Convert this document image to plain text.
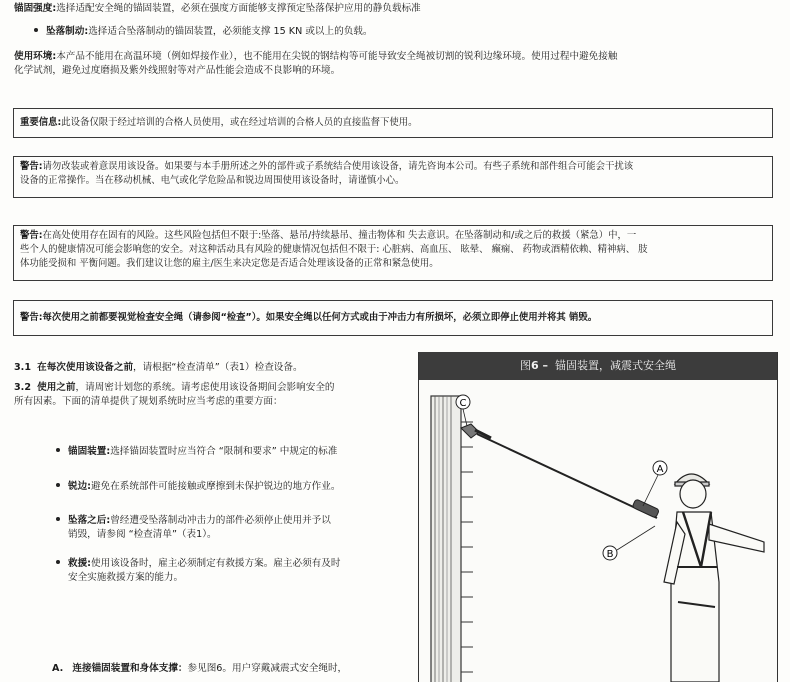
锚固强度:选择适配安全绳的锚固装置，必须在强度方面能够支撑预定坠落保护应用的静负载标准
坠落制动:选择适合坠落制动的锚固装置，必须能支撑 15 KN 或以上的负载。
使用环境:本产品不能用在高温环境（例如焊接作业），也不能用在尖锐的钢结构等可能导致安全绳被切割的锐利边缘环境。使用过程中避免接触
化学试剂，避免过度磨损及紫外线照射等对产品性能会造成不良影响的环境。
重要信息:此设备仅限于经过培训的合格人员使用，或在经过培训的合格人员的直接监督下使用。
警告:请勿改装或着意误用该设备。如果要与本手册所述之外的部件或子系统结合使用该设备，请先咨询本公司。有些子系统和部件组合可能会干扰该
设备的正常操作。当在移动机械、电气或化学危险品和锐边周围使用该设备时，请谨慎小心。
警告:在高处使用存在固有的风险。这些风险包括但不限于:坠落、悬吊/持续悬吊、撞击物体和 失去意识。在坠落制动和/或之后的救援（紧急）中，一
些个人的健康情况可能会影响您的安全。对这种活动具有风险的健康情况包括但不限于: 心脏病、高血压、 眩晕、 癫痫、 药物或酒精依赖、精神病、 肢
体功能受损和 平衡问题。我们建议让您的雇主/医生来决定您是否适合处理该设备的正常和紧急使用。
警告:每次使用之前都要视觉检查安全绳（请参阅“检查”）。如果安全绳以任何方式或由于冲击力有所损坏，必须立即停止使用并将其 销毁。
3.1 在每次使用该设备之前，请根据“检查清单”（表1）检查设备。
3.2 使用之前，请周密计划您的系统。请考虑使用该设备期间会影响安全的
所有因素。下面的清单提供了规划系统时应当考虑的重要方面：
锚固装置:选择锚固装置时应当符合 “限制和要求” 中规定的标准
锐边:避免在系统部件可能接触或摩擦到未保护锐边的地方作业。
坠落之后:曾经遭受坠落制动冲击力的部件必须停止使用并予以
销毁，请参阅 “检查清单”（表1）。
救援:使用该设备时，雇主必须制定有救援方案。雇主必须有及时
安全实施救援方案的能力。
A. 连接锚固装置和身体支撑：参见图6。用户穿戴减震式安全绳时，
图6 – 锚固装置，减震式安全绳
C
A
B
